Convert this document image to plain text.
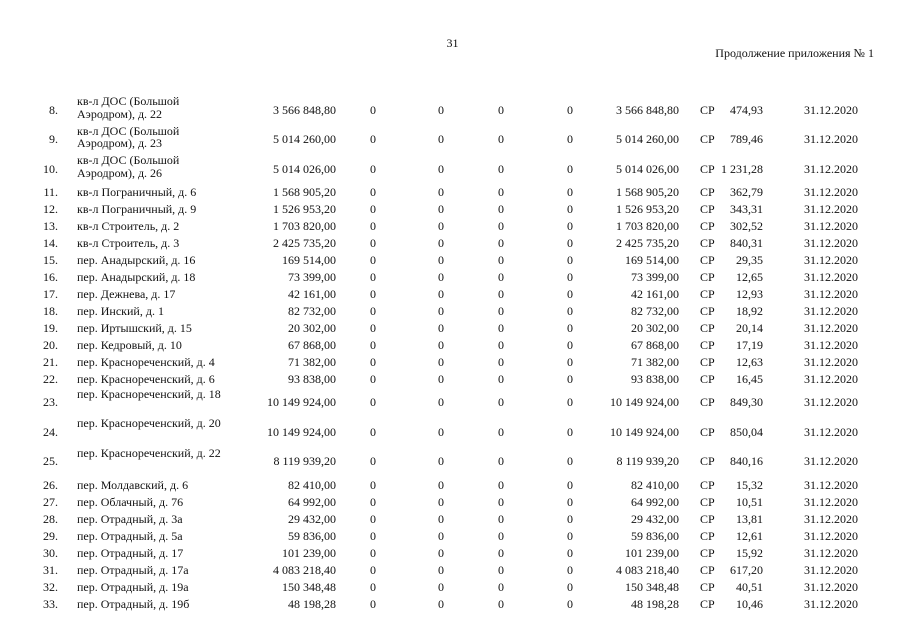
31
Продолжение приложения № 1
8.
кв-л ДОС (Большой Аэродром), д. 22	3 566 848,80	0	0	0	0	3 566 848,80 СР 474,93	31.12.2020
9.
кв-л ДОС (Большой Аэродром), д. 23	5 014 260,00	0	0	0	0	5 014 260,00 СР 789,46	31.12.2020
10.
кв-л ДОС (Большой Аэродром), д. 26	5 014 026,00	0	0	0	0	5 014 026,00 СР 1 231,28	31.12.2020
11. кв-л Пограничный, д. 6	1 568 905,20	0	0	0	0	1 568 905,20 СР 362,79	31.12.2020
12. кв-л Пограничный, д. 9	1 526 953,20	0	0	0	0	1 526 953,20 СР 343,31	31.12.2020
13. кв-л Строитель, д. 2	1 703 820,00	0	0	0	0	1 703 820,00 СР 302,52	31.12.2020
14. кв-л Строитель, д. 3	2 425 735,20	0	0	0	0	2 425 735,20 СР 840,31	31.12.2020
15. пер. Анадырский, д. 16	169 514,00	0	0	0	0	169 514,00 СР 29,35	31.12.2020
16. пер. Анадырский, д. 18	73 399,00	0	0	0	0	73 399,00 СР 12,65	31.12.2020
17. пер. Дежнева, д. 17	42 161,00	0	0	0	0	42 161,00 СР 12,93	31.12.2020
18. пер. Инский, д. 1	82 732,00	0	0	0	0	82 732,00 СР 18,92	31.12.2020
19. пер. Иртышский, д. 15	20 302,00	0	0	0	0	20 302,00 СР 20,14	31.12.2020
20. пер. Кедровый, д. 10	67 868,00	0	0	0	0	67 868,00 СР 17,19	31.12.2020
21. пер. Краснореченский, д. 4	71 382,00	0	0	0	0	71 382,00 СР 12,63	31.12.2020
22. пер. Краснореченский, д. 6	93 838,00	0	0	0	0	93 838,00 СР 16,45	31.12.2020
23.
пер. Краснореченский, д. 18
10 149 924,00	0	0	0	0	10 149 924,00 СР 849,30	31.12.2020
24.
пер. Краснореченский, д. 20
10 149 924,00	0	0	0	0	10 149 924,00 СР 850,04	31.12.2020
25.
пер. Краснореченский, д. 22
8 119 939,20	0	0	0	0	8 119 939,20 СР 840,16	31.12.2020
26. пер. Молдавский, д. 6	82 410,00	0	0	0	0	82 410,00 СР 15,32	31.12.2020
27. пер. Облачный, д. 76	64 992,00	0	0	0	0	64 992,00 СР 10,51	31.12.2020
28. пер. Отрадный, д. 3а	29 432,00	0	0	0	0	29 432,00 СР 13,81	31.12.2020
29. пер. Отрадный, д. 5а	59 836,00	0	0	0	0	59 836,00 СР 12,61	31.12.2020
30. пер. Отрадный, д. 17	101 239,00	0	0	0	0	101 239,00 СР 15,92	31.12.2020
31. пер. Отрадный, д. 17а	4 083 218,40	0	0	0	0	4 083 218,40 СР 617,20	31.12.2020
32. пер. Отрадный, д. 19а	150 348,48	0	0	0	0	150 348,48 СР 40,51	31.12.2020
33. пер. Отрадный, д. 19б	48 198,28	0	0	0	0	48 198,28 СР 10,46	31.12.2020
